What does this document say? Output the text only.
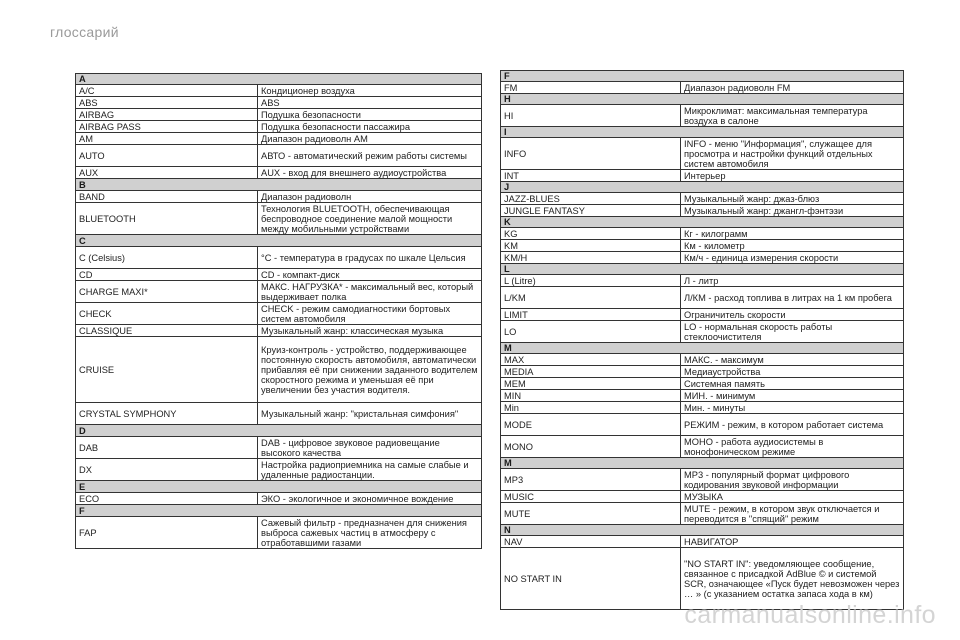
глоссарий
A	
A/C	Кондиционер воздуха
ABS	ABS
AIRBAG	Подушка безопасности
AIRBAG PASS	Подушка безопасности пассажира
AM	Диапазон радиоволн AM
AUTO	АВТО - автоматический режим работы системы
AUX	AUX - вход для внешнего аудиоустройства
B	
BAND	Диапазон радиоволн
BLUETOOTH	Технология BLUETOOTH, обеспечивающая беспроводное соединение малой мощности между мобильными устройствами
C	
C (Celsius)	°C - температура в градусах по шкале Цельсия
CD	CD - компакт-диск
CHARGE MAXI*	МАКС. НАГРУЗКА* - максимальный вес, который выдерживает полка
CHECK	CHECK - режим самодиагностики бортовых систем автомобиля
CLASSIQUE	Музыкальный жанр: классическая музыка
CRUISE	Круиз-контроль - устройство, поддерживающее постоянную скорость автомобиля, автоматически прибавляя её при снижении заданного водителем скоростного режима и уменьшая её при увеличении без участия водителя.
CRYSTAL SYMPHONY	Музыкальный жанр: "кристальная симфония"
D	
DAB	DAB - цифровое звуковое радиовещание высокого качества
DX	Настройка радиоприемника на самые слабые и удаленные радиостанции.
E	
ECO	ЭКО - экологичное и экономичное вождение
F	
FAP	Сажевый фильтр - предназначен для снижения выброса сажевых частиц в атмосферу с отработавшими газами
F	
FM	Диапазон радиоволн FM
H	
HI	Микроклимат: максимальная температура воздуха в салоне
I	
INFO	INFO - меню "Информация", служащее для просмотра и настройки функций отдельных систем автомобиля
INT	Интерьер
J	
JAZZ-BLUES	Музыкальный жанр: джаз-блюз
JUNGLE FANTASY	Музыкальный жанр: джангл-фэнтэзи
K	
KG	Кг - килограмм
KM	Км - километр
KM/H	Км/ч - единица измерения скорости
L	
L (Litre)	Л - литр
L/KM	Л/КМ - расход топлива в литрах на 1 км пробега
LIMIT	Ограничитель скорости
LO	LO - нормальная скорость работы стеклоочистителя
M	
MAX	МАКС. - максимум
MEDIA	Медиаустройства
MEM	Системная память
MIN	МИН. - минимум
Min	Мин. - минуты
MODE	РЕЖИМ - режим, в котором работает система
MONO	МОНО - работа аудиосистемы в монофоническом режиме
M	
MP3	MP3 - популярный формат цифрового кодирования звуковой информации
MUSIC	МУЗЫКА
MUTE	MUTE - режим, в котором звук отключается и переводится в "спящий" режим
N	
NAV	НАВИГАТОР
NO START IN	"NO START IN": уведомляющее сообщение, связанное с присадкой AdBlue © и системой SCR, означающее «Пуск будет невозможен через … » (с указанием остатка запаса хода в км)
carmanualsonline.info
